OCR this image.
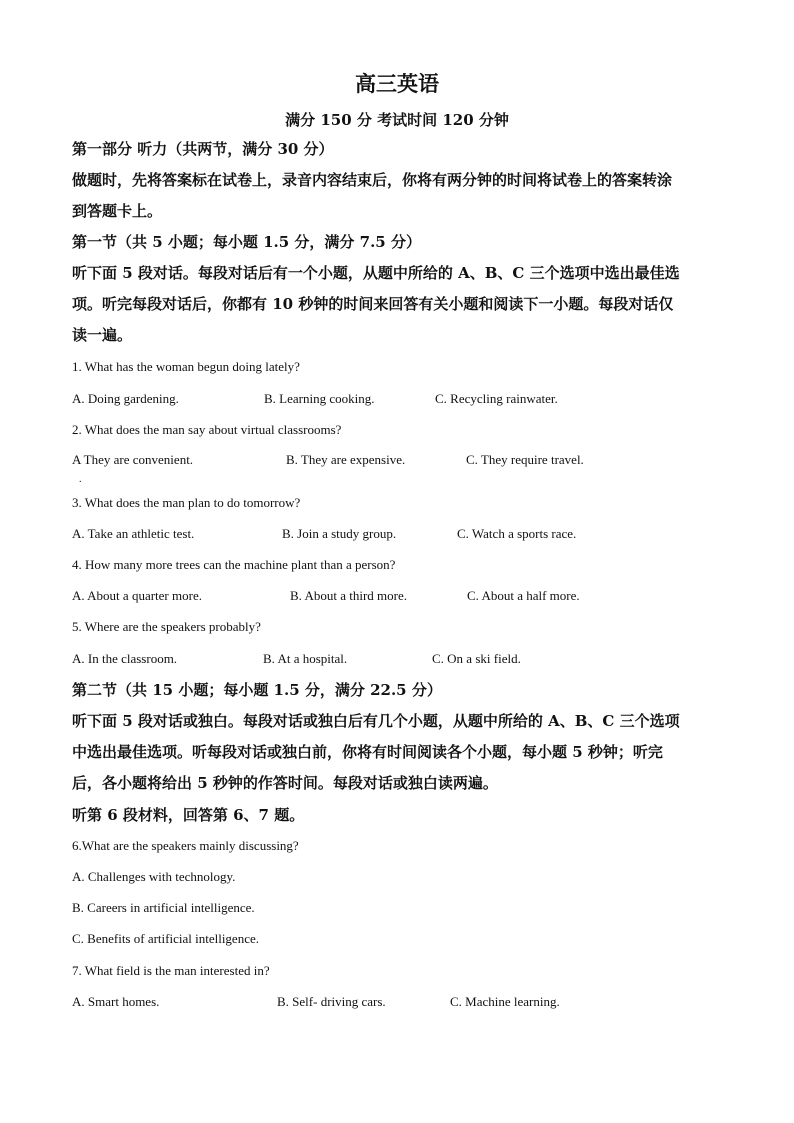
高三英语
满分 150 分 考试时间 120 分钟
第一部分 听力（共两节，满分 30 分）
做题时，先将答案标在试卷上，录音内容结束后，你将有两分钟的时间将试卷上的答案转涂
到答题卡上。
第一节（共 5 小题；每小题 1.5 分，满分 7.5 分）
听下面 5 段对话。每段对话后有一个小题，从题中所给的 A、B、C 三个选项中选出最佳选
项。听完每段对话后，你都有 10 秒钟的时间来回答有关小题和阅读下一小题。每段对话仅
读一遍。
1. What has the woman begun doing lately?
A. Doing gardening.	B. Learning cooking.	C. Recycling rainwater.
2. What does the man say about virtual classrooms?
A They are convenient.	B. They are expensive.	C. They require travel.
.
3. What does the man plan to do tomorrow?
A. Take an athletic test.	B. Join a study group.	C. Watch a sports race.
4. How many more trees can the machine plant than a person?
A. About a quarter more.	B. About a third more.	C. About a half more.
5. Where are the speakers probably?
A. In the classroom.	B. At a hospital.	C. On a ski field.
第二节（共 15 小题；每小题 1.5 分，满分 22.5 分）
听下面 5 段对话或独白。每段对话或独白后有几个小题，从题中所给的 A、B、C 三个选项
中选出最佳选项。听每段对话或独白前，你将有时间阅读各个小题，每小题 5 秒钟；听完
后，各小题将给出 5 秒钟的作答时间。每段对话或独白读两遍。
听第 6 段材料，回答第 6、7 题。
6.What are the speakers mainly discussing?
A. Challenges with technology.
B. Careers in artificial intelligence.
C. Benefits of artificial intelligence.
7. What field is the man interested in?
A. Smart homes.	B. Self- driving cars.	C. Machine learning.
